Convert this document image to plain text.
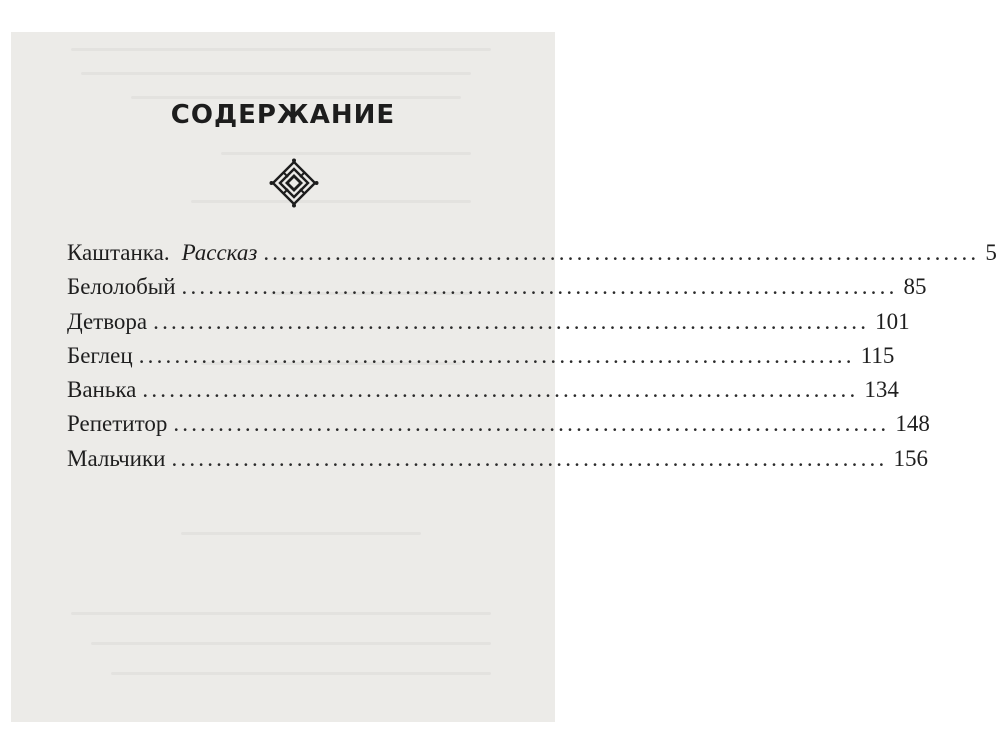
СОДЕРЖАНИЕ
Каштанка. Рассказ ................................................................................ 5
Белолобый ................................................................................ 85
Детвора ................................................................................ 101
Беглец ................................................................................ 115
Ванька ................................................................................ 134
Репетитор ................................................................................ 148
Мальчики ................................................................................ 156
